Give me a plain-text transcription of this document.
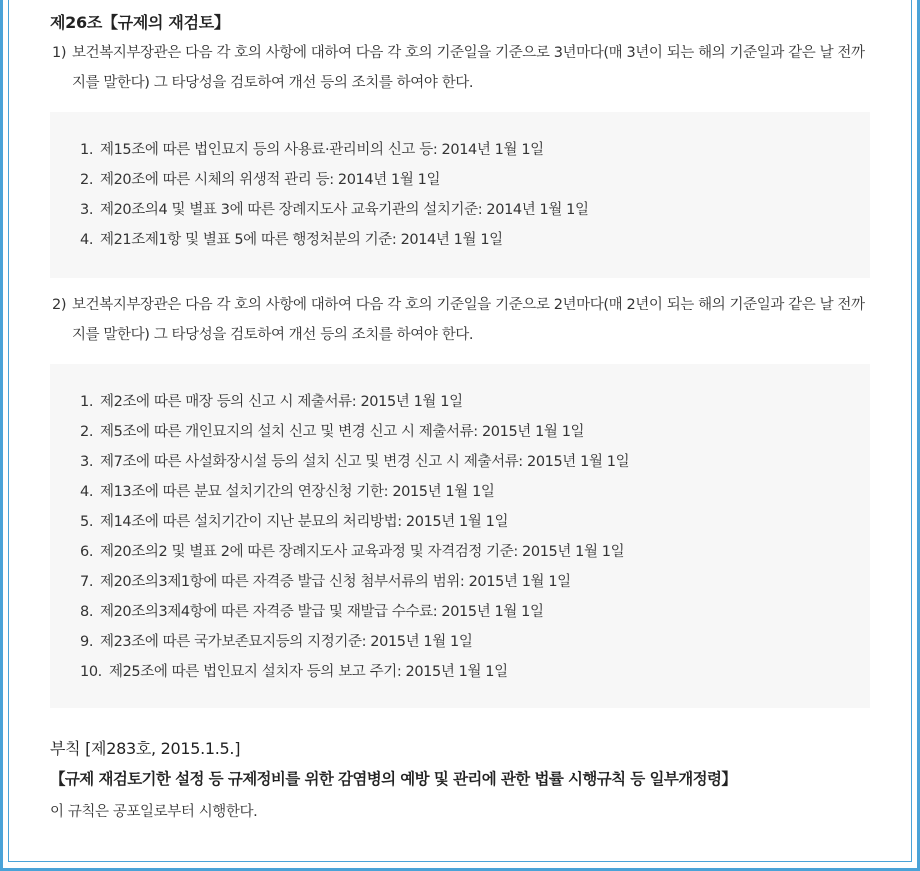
제26조【규제의 재검토】
1) 보건복지부장관은 다음 각 호의 사항에 대하여 다음 각 호의 기준일을 기준으로 3년마다(매 3년이 되는 해의 기준일과 같은 날 전까지를 말한다) 그 타당성을 검토하여 개선 등의 조치를 하여야 한다.
1. 제15조에 따른 법인묘지 등의 사용료·관리비의 신고 등: 2014년 1월 1일
2. 제20조에 따른 시체의 위생적 관리 등: 2014년 1월 1일
3. 제20조의4 및 별표 3에 따른 장례지도사 교육기관의 설치기준: 2014년 1월 1일
4. 제21조제1항 및 별표 5에 따른 행정처분의 기준: 2014년 1월 1일
2) 보건복지부장관은 다음 각 호의 사항에 대하여 다음 각 호의 기준일을 기준으로 2년마다(매 2년이 되는 해의 기준일과 같은 날 전까지를 말한다) 그 타당성을 검토하여 개선 등의 조치를 하여야 한다.
1. 제2조에 따른 매장 등의 신고 시 제출서류: 2015년 1월 1일
2. 제5조에 따른 개인묘지의 설치 신고 및 변경 신고 시 제출서류: 2015년 1월 1일
3. 제7조에 따른 사설화장시설 등의 설치 신고 및 변경 신고 시 제출서류: 2015년 1월 1일
4. 제13조에 따른 분묘 설치기간의 연장신청 기한: 2015년 1월 1일
5. 제14조에 따른 설치기간이 지난 분묘의 처리방법: 2015년 1월 1일
6. 제20조의2 및 별표 2에 따른 장례지도사 교육과정 및 자격검정 기준: 2015년 1월 1일
7. 제20조의3제1항에 따른 자격증 발급 신청 첨부서류의 범위: 2015년 1월 1일
8. 제20조의3제4항에 따른 자격증 발급 및 재발급 수수료: 2015년 1월 1일
9. 제23조에 따른 국가보존묘지등의 지정기준: 2015년 1월 1일
10. 제25조에 따른 법인묘지 설치자 등의 보고 주기: 2015년 1월 1일
부칙 [제283호, 2015.1.5.]
【규제 재검토기한 설정 등 규제정비를 위한 감염병의 예방 및 관리에 관한 법률 시행규칙 등 일부개정령】
이 규칙은 공포일로부터 시행한다.
